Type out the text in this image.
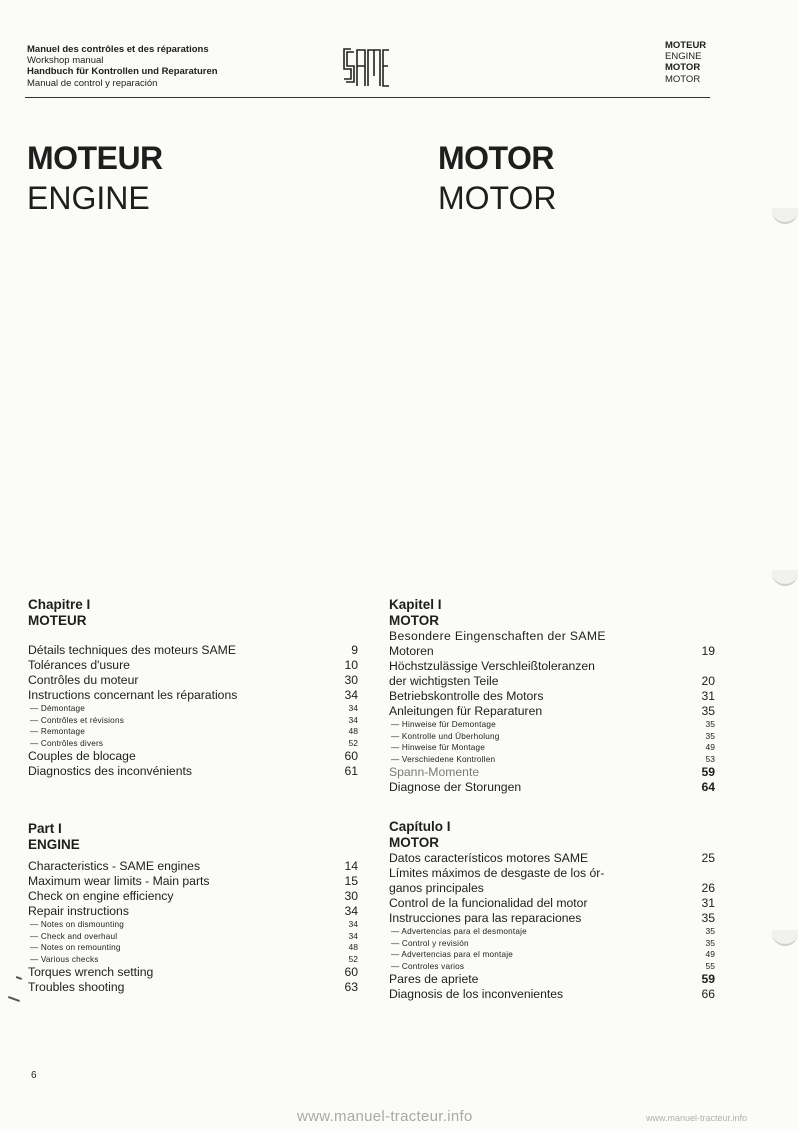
Manuel des contrôles et des réparations
Workshop manual
Handbuch für Kontrollen und Reparaturen
Manual de control y reparación
MOTEUR
ENGINE
MOTOR
MOTOR
MOTEUR
ENGINE
MOTOR
MOTOR
Chapitre I
MOTEUR
Détails techniques des moteurs SAME	9
Tolérances d'usure	10
Contrôles du moteur	30
Instructions concernant les réparations	34
— Démontage	34
— Contrôles et révisions	34
— Remontage	48
— Contrôles divers	52
Couples de blocage	60
Diagnostics des inconvénients	61
Part I
ENGINE
Characteristics - SAME engines	14
Maximum wear limits - Main parts	15
Check on engine efficiency	30
Repair instructions	34
— Notes on dismounting	34
— Check and overhaul	34
— Notes on remounting	48
— Various checks	52
Torques wrench setting	60
Troubles shooting	63
Kapitel I
MOTOR
Besondere Eingenschaften der SAME
Motoren	19
Höchstzulässige Verschleißtoleranzen
der wichtigsten Teile	20
Betriebskontrolle des Motors	31
Anleitungen für Reparaturen	35
— Hinweise für Demontage	35
— Kontrolle und Überholung	35
— Hinweise für Montage	49
— Verschiedene Kontrollen	53
Spann-Momente	59
Diagnose der Storungen	64
Capítulo I
MOTOR
Datos característicos motores SAME	25
Límites máximos de desgaste de los ór-
ganos principales	26
Control de la funcionalidad del motor	31
Instrucciones para las reparaciones	35
— Advertencias para el desmontaje	35
— Control y revisión	35
— Advertencias para el montaje	49
— Controles varios	55
Pares de apriete	59
Diagnosis de los inconvenientes	66
6
www.manuel-tracteur.info	www.manuel-tracteur.info
